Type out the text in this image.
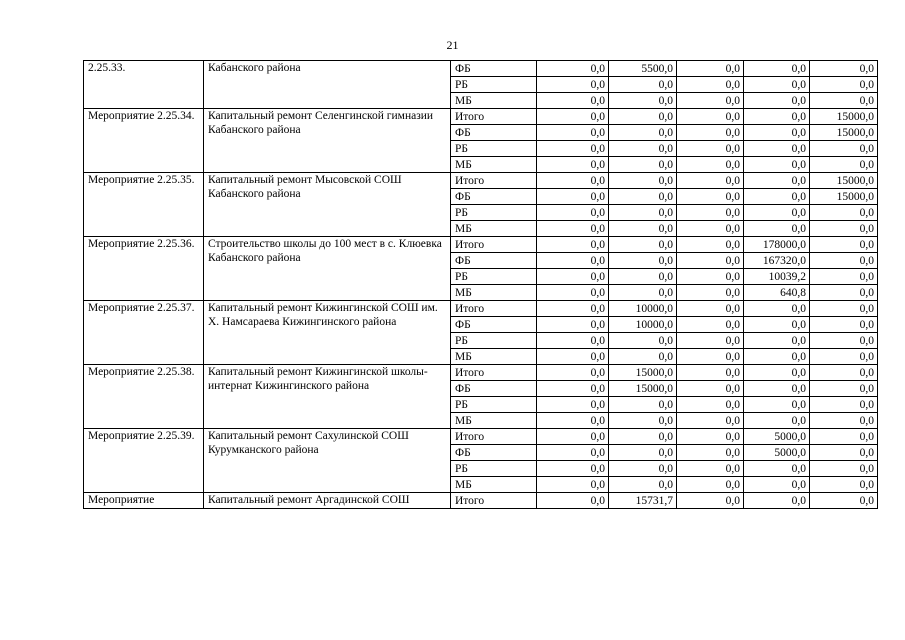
21
2.25.33.	Кабанского района	ФБ	0,0	5500,0	0,0	0,0	0,0
		РБ	0,0	0,0	0,0	0,0	0,0
		МБ	0,0	0,0	0,0	0,0	0,0
Мероприятие 2.25.34.	Капитальный ремонт Селенгинской гимназии Кабанского района	Итого	0,0	0,0	0,0	0,0	15000,0
		ФБ	0,0	0,0	0,0	0,0	15000,0
		РБ	0,0	0,0	0,0	0,0	0,0
		МБ	0,0	0,0	0,0	0,0	0,0
Мероприятие 2.25.35.	Капитальный ремонт Мысовской СОШ Кабанского района	Итого	0,0	0,0	0,0	0,0	15000,0
		ФБ	0,0	0,0	0,0	0,0	15000,0
		РБ	0,0	0,0	0,0	0,0	0,0
		МБ	0,0	0,0	0,0	0,0	0,0
Мероприятие 2.25.36.	Строительство школы до 100 мест в с. Клюевка Кабанского района	Итого	0,0	0,0	0,0	178000,0	0,0
		ФБ	0,0	0,0	0,0	167320,0	0,0
		РБ	0,0	0,0	0,0	10039,2	0,0
		МБ	0,0	0,0	0,0	640,8	0,0
Мероприятие 2.25.37.	Капитальный ремонт Кижингинской СОШ им. Х. Намсараева Кижингинского района	Итого	0,0	10000,0	0,0	0,0	0,0
		ФБ	0,0	10000,0	0,0	0,0	0,0
		РБ	0,0	0,0	0,0	0,0	0,0
		МБ	0,0	0,0	0,0	0,0	0,0
Мероприятие 2.25.38.	Капитальный ремонт Кижингинской школы-интернат Кижингинского района	Итого	0,0	15000,0	0,0	0,0	0,0
		ФБ	0,0	15000,0	0,0	0,0	0,0
		РБ	0,0	0,0	0,0	0,0	0,0
		МБ	0,0	0,0	0,0	0,0	0,0
Мероприятие 2.25.39.	Капитальный ремонт Сахулинской СОШ Курумканского района	Итого	0,0	0,0	0,0	5000,0	0,0
		ФБ	0,0	0,0	0,0	5000,0	0,0
		РБ	0,0	0,0	0,0	0,0	0,0
		МБ	0,0	0,0	0,0	0,0	0,0
Мероприятие	Капитальный ремонт Аргадинской СОШ	Итого	0,0	15731,7	0,0	0,0	0,0
